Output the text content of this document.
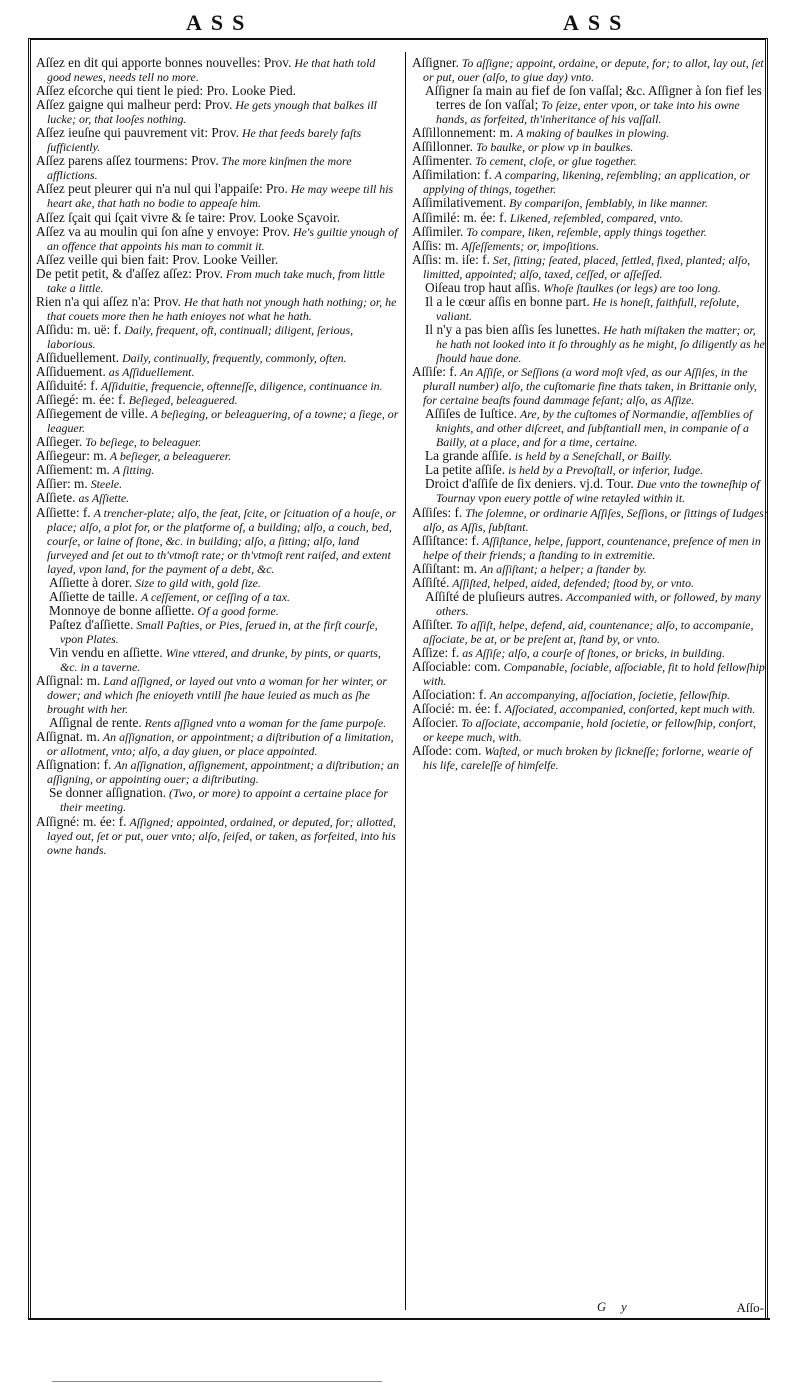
ASS	ASS

Aſſez en dit qui apporte bonnes nouvelles: Prov. He that hath told good newes, needs tell no more.

Aſſez eſcorche qui tient le pied: Pro. Looke Pied.

Aſſez gaigne qui malheur perd: Prov. He gets ynough that balkes ill lucke; or, that looſes nothing.

Aſſez ieuſne qui pauvrement vit: Prov. He that feeds barely faſts ſufficiently.

Aſſez parens aſſez tourmens: Prov. The more kinſmen the more afflictions.

Aſſez peut pleurer qui n'a nul qui l'appaiſe: Pro. He may weepe till his heart ake, that hath no bodie to appeaſe him.

Aſſez ſçait qui ſçait vivre & ſe taire: Prov. Looke Sçavoir.

Aſſez va au moulin qui ſon aſne y envoye: Prov. He's guiltie ynough of an offence that appoints his man to commit it.

Aſſez veille qui bien fait: Prov. Looke Veiller.

De petit petit, & d'aſſez aſſez: Prov. From much take much, from little take a little.

Rien n'a qui aſſez n'a: Prov. He that hath not ynough hath nothing; or, he that couets more then he hath enioyes not what he hath.

Aſſidu: m. uë: f. Daily, frequent, oft, continuall; diligent, ſerious, laborious.

Aſſiduellement. Daily, continually, frequently, commonly, often.

Aſſiduement. as Aſſiduellement.

Aſſiduité: f. Aſſiduitie, frequencie, oftenneſſe, diligence, continuance in.

Aſſiegé: m. ée: f. Beſieged, beleaguered.

Aſſiegement de ville. A beſieging, or beleaguering, of a towne; a ſiege, or leaguer.

Aſſieger. To beſiege, to beleaguer.

Aſſiegeur: m. A beſieger, a beleaguerer.

Aſſiement: m. A ſitting.

Aſſier: m. Steele.

Aſſiete. as Aſſiette.

Aſſiette: f. A trencher-plate; alſo, the ſeat, ſcite, or ſcituation of a houſe, or place; alſo, a plot for, or the platforme of, a building; alſo, a couch, bed, courſe, or laine of ſtone, &c. in building; alſo, a ſitting; alſo, land ſurveyed and ſet out to th'vtmoſt rate; or th'vtmoſt rent raiſed, and extent layed, vpon land, for the payment of a debt, &c.

Aſſiette à dorer. Size to gild with, gold ſize.

Aſſiette de taille. A ceſſement, or ceſſing of a tax.

Monnoye de bonne aſſiette. Of a good forme.

Paſtez d'aſſiette. Small Paſties, or Pies, ſerued in, at the firſt courſe, vpon Plates.

Vin vendu en aſſiette. Wine vttered, and drunke, by pints, or quarts, &c. in a taverne.

Aſſignal: m. Land aſſigned, or layed out vnto a woman for her winter, or dower; and which ſhe enioyeth vntill ſhe haue leuied as much as ſhe brought with her.

Aſſignal de rente. Rents aſſigned vnto a woman for the ſame purpoſe.

Aſſignat. m. An aſſignation, or appointment; a diſtribution of a limitation, or allotment, vnto; alſo, a day giuen, or place appointed.

Aſſignation: f. An aſſignation, aſſignement, appointment; a diſtribution; an aſſigning, or appointing ouer; a diſtributing.

Se donner aſſignation. (Two, or more) to appoint a certaine place for their meeting.

Aſſigné: m. ée: f. Aſſigned; appointed, ordained, or deputed, for; allotted, layed out, ſet or put, ouer vnto; alſo, ſeiſed, or taken, as forfeited, into his owne hands.

Aſſigner. To aſſigne; appoint, ordaine, or depute, for; to allot, lay out, ſet or put, ouer (alſo, to giue day) vnto.

Aſſigner ſa main au fief de ſon vaſſal; &c. Aſſigner à ſon fief les terres de ſon vaſſal; To ſeize, enter vpon, or take into his owne hands, as forfeited, th'inheritance of his vaſſall.

Aſſillonnement: m. A making of baulkes in plowing.

Aſſillonner. To baulke, or plow vp in baulkes.

Aſſimenter. To cement, cloſe, or glue together.

Aſſimilation: f. A comparing, likening, reſembling; an application, or applying of things, together.

Aſſimilativement. By compariſon, ſemblably, in like manner.

Aſſimilé: m. ée: f. Likened, reſembled, compared, vnto.

Aſſimiler. To compare, liken, reſemble, apply things together.

Aſſis: m. Aſſeſſements; or, impoſitions.

Aſſis: m. iſe: f. Set, ſitting; ſeated, placed, ſettled, fixed, planted; alſo, limitted, appointed; alſo, taxed, ceſſed, or aſſeſſed.

Oiſeau trop haut aſſis. Whoſe ſtaulkes (or legs) are too long.

Il a le cœur aſſis en bonne part. He is honeſt, faithfull, reſolute, valiant.

Il n'y a pas bien aſſis ſes lunettes. He hath miſtaken the matter; or, he hath not looked into it ſo throughly as he might, ſo diligently as he ſhould haue done.

Aſſiſe: f. An Aſſiſe, or Seſſions (a word moſt vſed, as our Aſſiſes, in the plurall number) alſo, the cuſtomarie fine thats taken, in Brittanie only, for certaine beaſts found dammage feſant; alſo, as Aſſize.

Aſſiſes de Iuſtice. Are, by the cuſtomes of Normandie, aſſemblies of knights, and other diſcreet, and ſubſtantiall men, in companie of a Bailly, at a place, and for a time, certaine.

La grande aſſiſe. is held by a Seneſchall, or Bailly.

La petite aſſiſe. is held by a Prevoſtall, or inferior, Iudge.

Droict d'aſſiſe de ſix deniers. vj.d. Tour. Due vnto the towneſhip of Tournay vpon euery pottle of wine retayled within it.

Aſſiſes: f. The ſolemne, or ordinarie Aſſiſes, Seſſions, or ſittings of Iudges; alſo, as Aſſis, ſubſtant.

Aſſiſtance: f. Aſſiſtance, helpe, ſupport, countenance, preſence of men in helpe of their friends; a ſtanding to in extremitie.

Aſſiſtant: m. An aſſiſtant; a helper; a ſtander by.

Aſſiſté. Aſſiſted, helped, aided, defended; ſtood by, or vnto.

Aſſiſté de pluſieurs autres. Accompanied with, or followed, by many others.

Aſſiſter. To aſſiſt, helpe, defend, aid, countenance; alſo, to accompanie, aſſociate, be at, or be preſent at, ſtand by, or vnto.

Aſſize: f. as Aſſiſe; alſo, a courſe of ſtones, or bricks, in building.

Aſſociable: com. Companable, ſociable, aſſociable, fit to hold fellowſhip with.

Aſſociation: f. An accompanying, aſſociation, ſocietie, fellowſhip.

Aſſocié: m. ée: f. Aſſociated, accompanied, conſorted, kept much with.

Aſſocier. To aſſociate, accompanie, hold ſocietie, or fellowſhip, conſort, or keepe much, with.

Aſſode: com. Waſted, or much broken by ſickneſſe; forlorne, wearie of his life, careleſſe of himſelfe.

G y	Aſſo-
